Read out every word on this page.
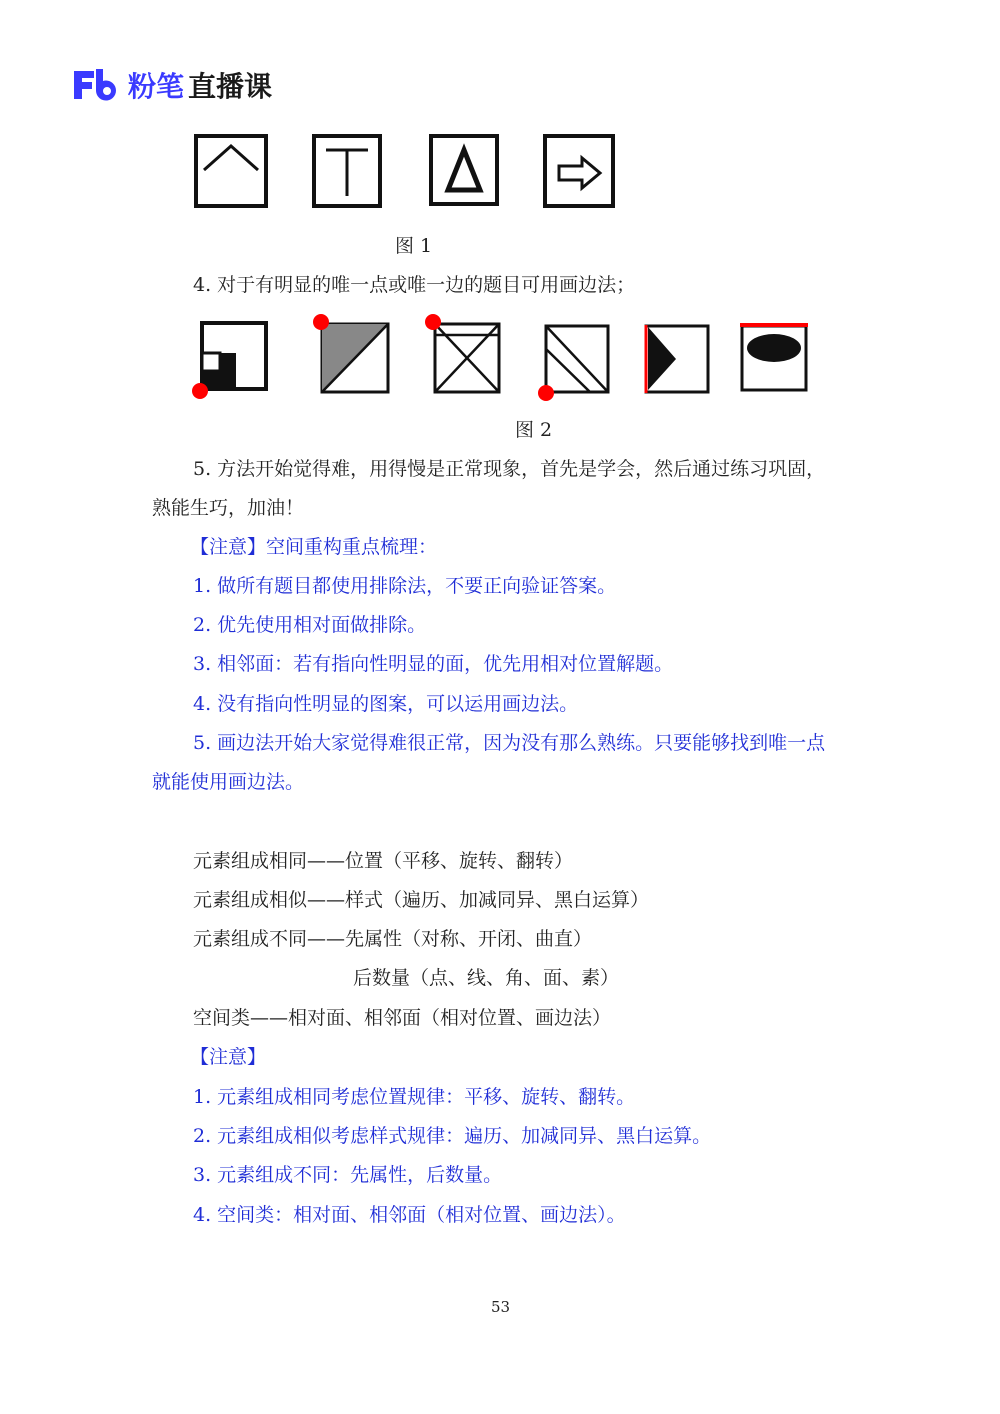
粉笔 直播课
图 1
4. 对于有明显的唯一点或唯一边的题目可用画边法；
图 2
5. 方法开始觉得难，用得慢是正常现象，首先是学会，然后通过练习巩固，
熟能生巧，加油！
【注意】空间重构重点梳理：
1. 做所有题目都使用排除法，不要正向验证答案。
2. 优先使用相对面做排除。
3. 相邻面：若有指向性明显的面，优先用相对位置解题。
4. 没有指向性明显的图案，可以运用画边法。
5. 画边法开始大家觉得难很正常，因为没有那么熟练。只要能够找到唯一点
就能使用画边法。
元素组成相同——位置（平移、旋转、翻转）
元素组成相似——样式（遍历、加减同异、黑白运算）
元素组成不同——先属性（对称、开闭、曲直）
后数量（点、线、角、面、素）
空间类——相对面、相邻面（相对位置、画边法）
【注意】
1. 元素组成相同考虑位置规律：平移、旋转、翻转。
2. 元素组成相似考虑样式规律：遍历、加减同异、黑白运算。
3. 元素组成不同：先属性，后数量。
4. 空间类：相对面、相邻面（相对位置、画边法）。
53
